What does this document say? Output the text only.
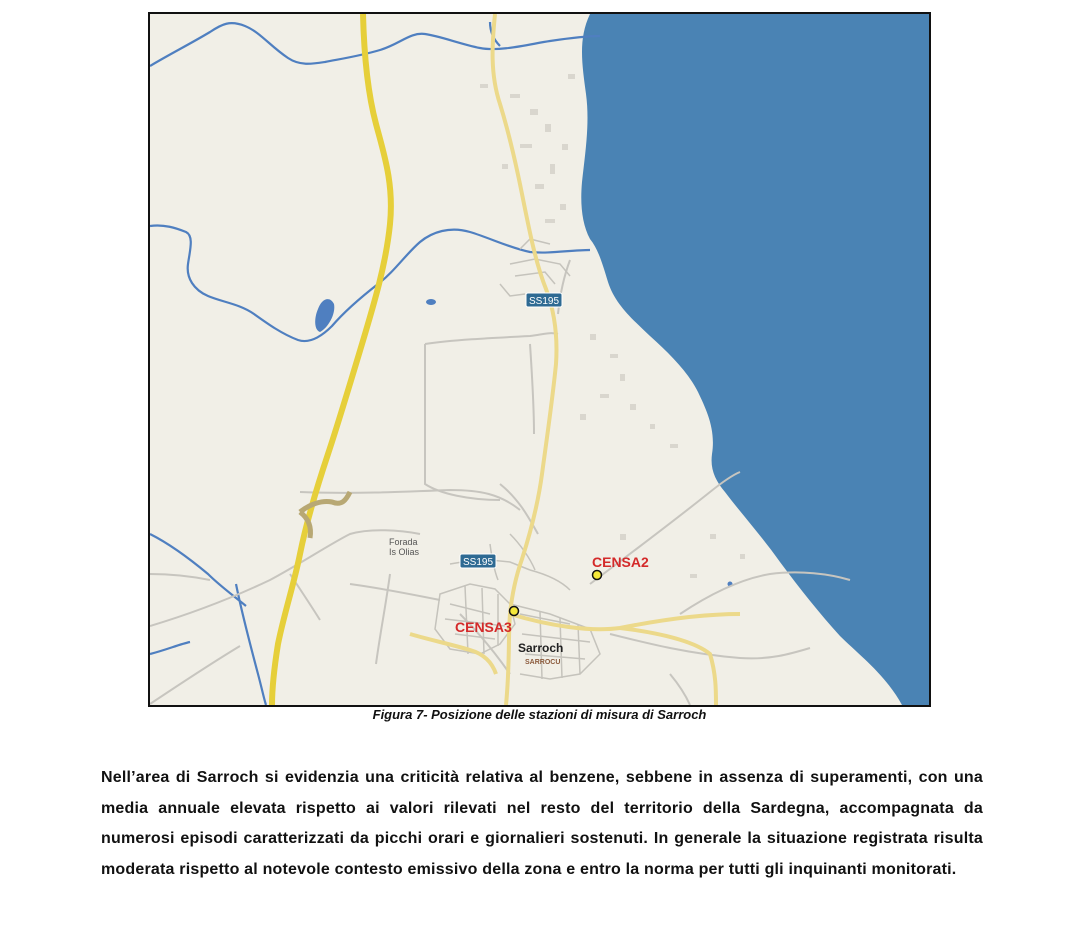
SS195
SS195
Forada
Is Olias
Sarroch
SARROCU
CENSA2
CENSA3
Figura 7- Posizione delle stazioni di misura di Sarroch

Nell’area di Sarroch si evidenzia una criticità relativa al benzene, sebbene in assenza di superamenti, con una media annuale elevata rispetto ai valori rilevati nel resto del territorio della Sardegna, accompagnata da numerosi episodi caratterizzati da picchi orari e giornalieri sostenuti. In generale la situazione registrata risulta moderata rispetto al notevole contesto emissivo della zona e entro la norma per tutti gli inquinanti monitorati.
